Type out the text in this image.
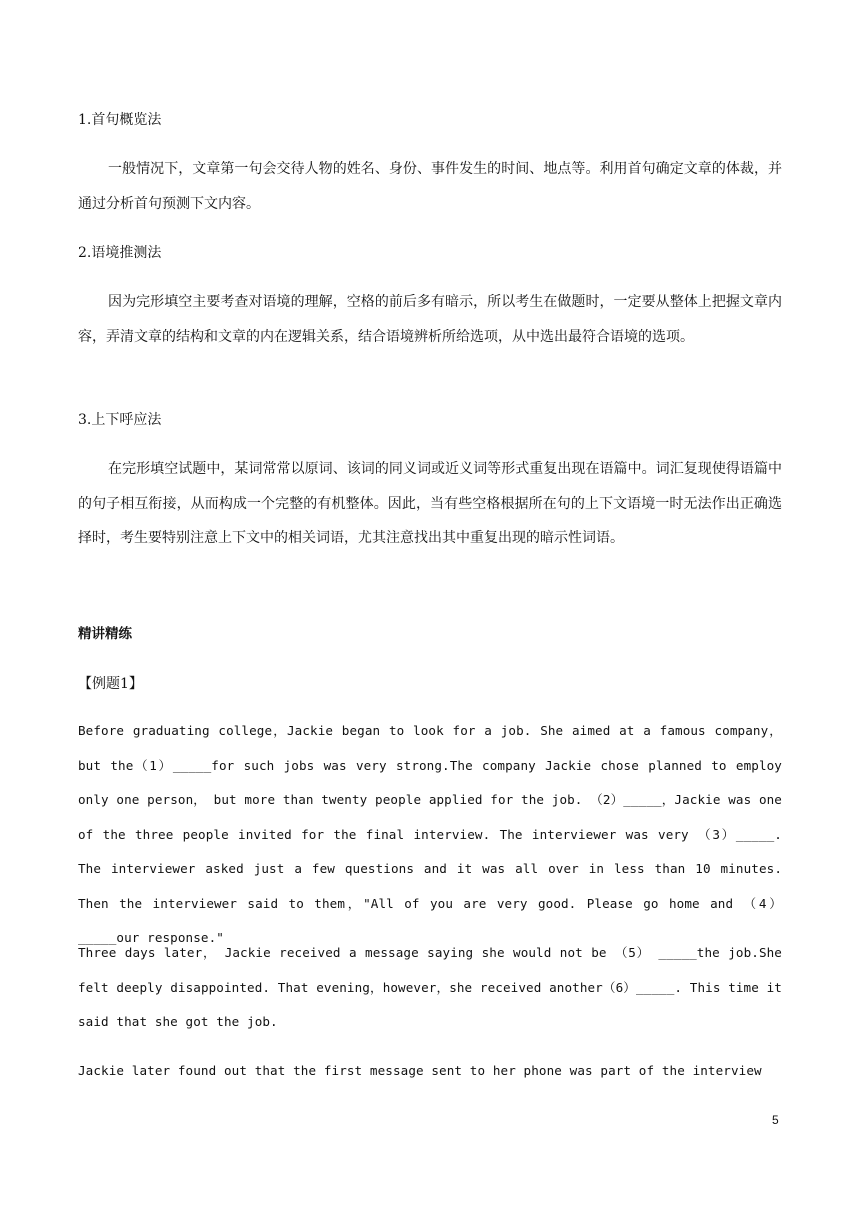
1.首句概览法
一般情况下，文章第一句会交待人物的姓名、身份、事件发生的时间、地点等。利用首句确定文章的体裁，并通过分析首句预测下文内容。
2.语境推测法
因为完形填空主要考查对语境的理解，空格的前后多有暗示，所以考生在做题时，一定要从整体上把握文章内容，弄清文章的结构和文章的内在逻辑关系，结合语境辨析所给选项，从中选出最符合语境的选项。
3.上下呼应法
在完形填空试题中，某词常常以原词、该词的同义词或近义词等形式重复出现在语篇中。词汇复现使得语篇中的句子相互衔接，从而构成一个完整的有机整体。因此，当有些空格根据所在句的上下文语境一时无法作出正确选择时，考生要特别注意上下文中的相关词语，尤其注意找出其中重复出现的暗示性词语。
精讲精练
【例题1】
Before graduating college，Jackie began to look for a job. She aimed at a famous company，but the（1）_____for such jobs was very strong.The company Jackie chose planned to employ only one person， but more than twenty people applied for the job. （2）_____，Jackie was one of the three people invited for the final interview. The interviewer was very （3）_____. The interviewer asked just a few questions and it was all over in less than 10 minutes. Then the interviewer said to them，"All of you are very good. Please go home and （4）_____our response."
Three days later， Jackie received a message saying she would not be （5） _____the job.She felt deeply disappointed. That evening，however，she received another（6）_____. This time it said that she got the job.
Jackie later found out that the first message sent to her phone was part of the interview
5
